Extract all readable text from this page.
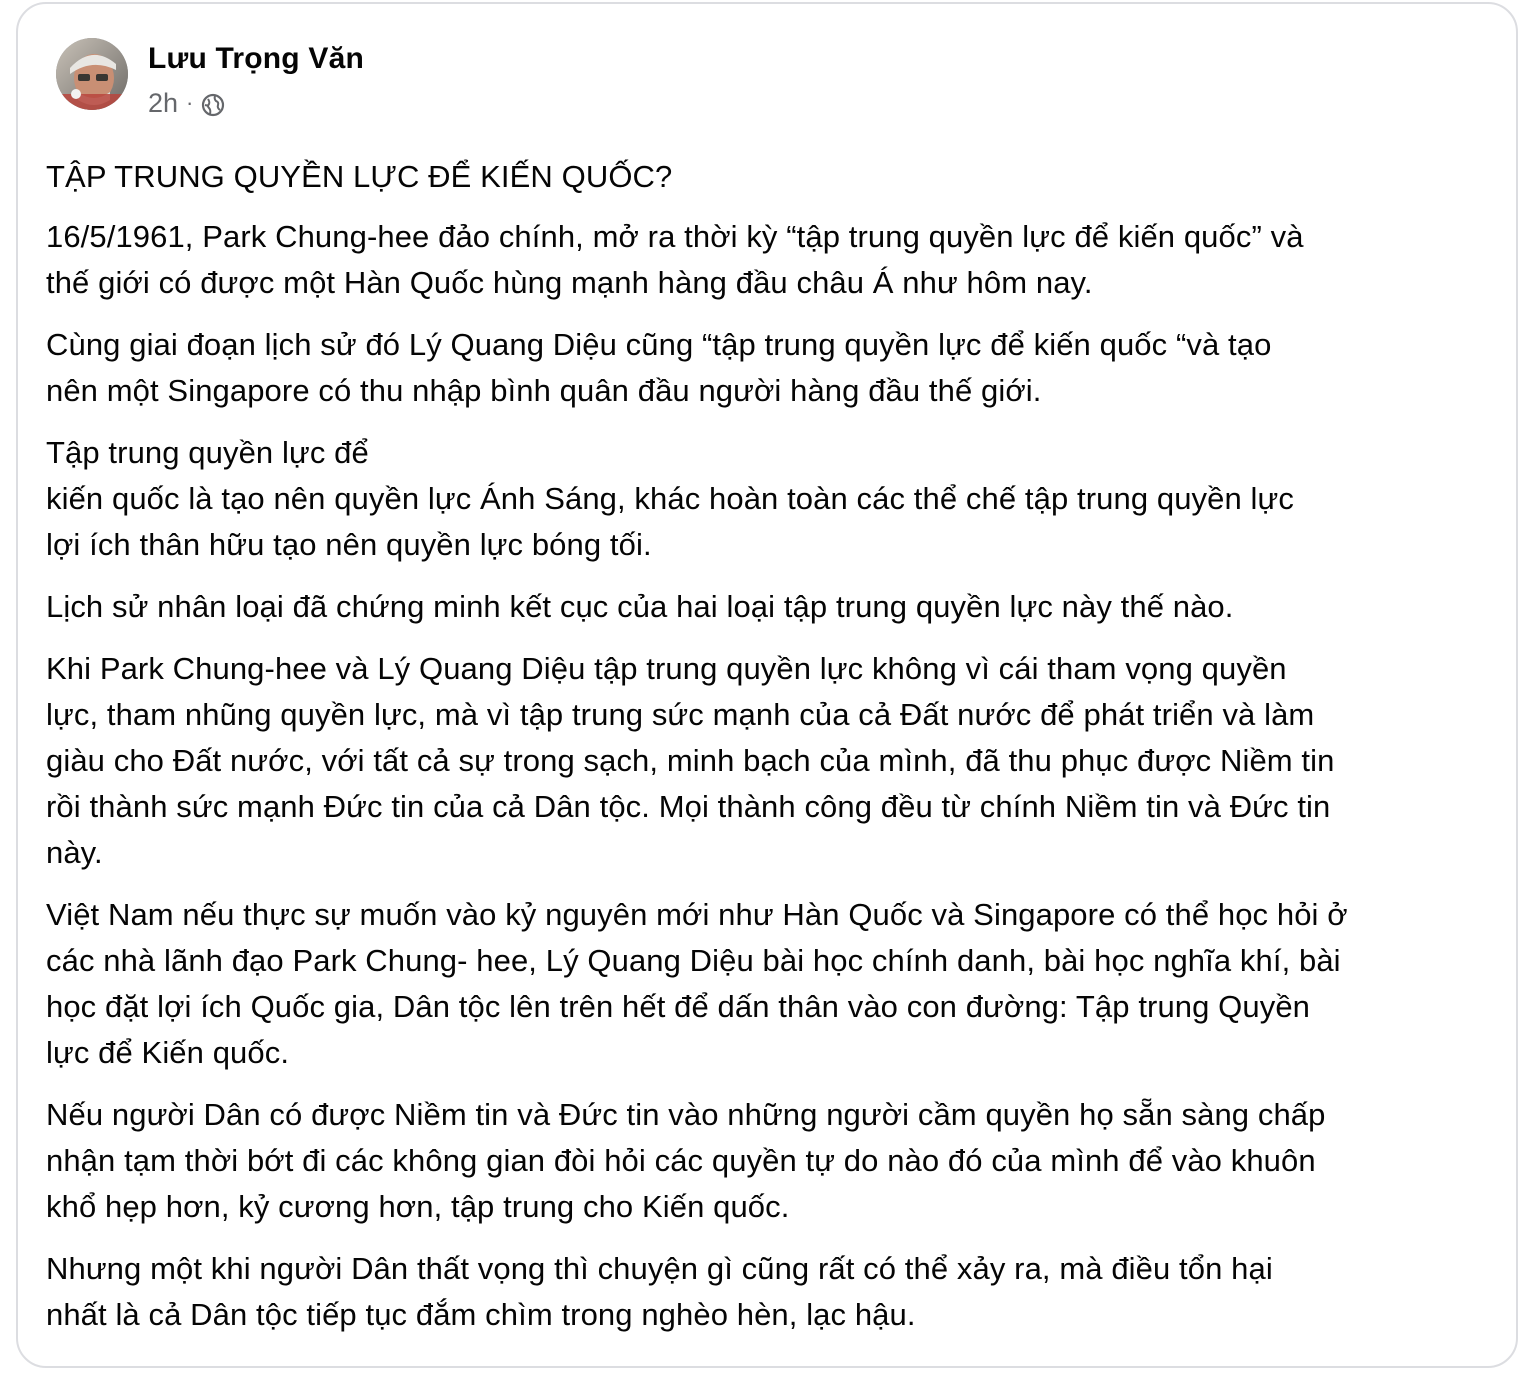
Lưu Trọng Văn
2h ·

TẬP TRUNG QUYỀN LỰC ĐỂ KIẾN QUỐC?

16/5/1961, Park Chung-hee đảo chính, mở ra thời kỳ “tập trung quyền lực để kiến quốc” và
thế giới có được một Hàn Quốc hùng mạnh hàng đầu châu Á như hôm nay.

Cùng giai đoạn lịch sử đó Lý Quang Diệu cũng “tập trung quyền lực để kiến quốc “và tạo
nên một Singapore có thu nhập bình quân đầu người hàng đầu thế giới.

Tập trung quyền lực để
kiến quốc là tạo nên quyền lực Ánh Sáng, khác hoàn toàn các thể chế tập trung quyền lực
lợi ích thân hữu tạo nên quyền lực bóng tối.

Lịch sử nhân loại đã chứng minh kết cục của hai loại tập trung quyền lực này thế nào.

Khi Park Chung-hee và Lý Quang Diệu tập trung quyền lực không vì cái tham vọng quyền
lực, tham nhũng quyền lực, mà vì tập trung sức mạnh của cả Đất nước để phát triển và làm
giàu cho Đất nước, với tất cả sự trong sạch, minh bạch của mình, đã thu phục được Niềm tin
rồi thành sức mạnh Đức tin của cả Dân tộc. Mọi thành công đều từ chính Niềm tin và Đức tin
này.

Việt Nam nếu thực sự muốn vào kỷ nguyên mới như Hàn Quốc và Singapore có thể học hỏi ở
các nhà lãnh đạo Park Chung- hee, Lý Quang Diệu bài học chính danh, bài học nghĩa khí, bài
học đặt lợi ích Quốc gia, Dân tộc lên trên hết để dấn thân vào con đường: Tập trung Quyền
lực để Kiến quốc.

Nếu người Dân có được Niềm tin và Đức tin vào những người cầm quyền họ sẵn sàng chấp
nhận tạm thời bớt đi các không gian đòi hỏi các quyền tự do nào đó của mình để vào khuôn
khổ hẹp hơn, kỷ cương hơn, tập trung cho Kiến quốc.

Nhưng một khi người Dân thất vọng thì chuyện gì cũng rất có thể xảy ra, mà điều tổn hại
nhất là cả Dân tộc tiếp tục đắm chìm trong nghèo hèn, lạc hậu.
